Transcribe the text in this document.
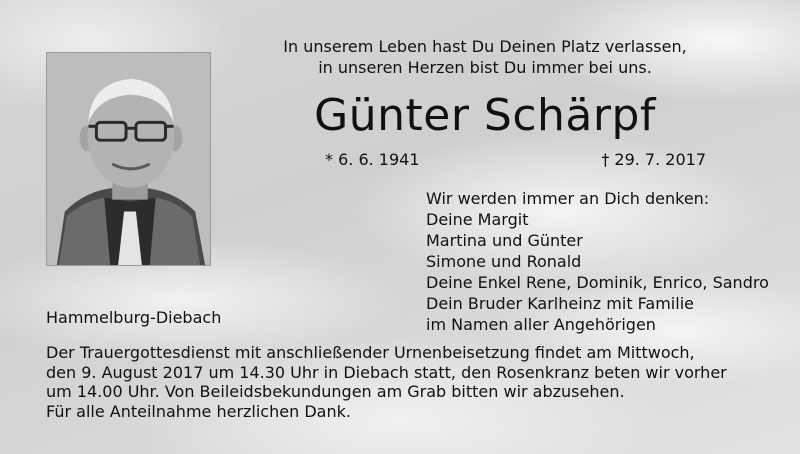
In unserem Leben hast Du Deinen Platz verlassen,
in unseren Herzen bist Du immer bei uns.
Günter Schärpf
* 6. 6. 1941	† 29. 7. 2017
Wir werden immer an Dich denken:
Deine Margit
Martina und Günter
Simone und Ronald
Deine Enkel Rene, Dominik, Enrico, Sandro
Dein Bruder Karlheinz mit Familie
im Namen aller Angehörigen
Hammelburg-Diebach
Der Trauergottesdienst mit anschließender Urnenbeisetzung findet am Mittwoch,
den 9. August 2017 um 14.30 Uhr in Diebach statt, den Rosenkranz beten wir vorher
um 14.00 Uhr. Von Beileidsbekundungen am Grab bitten wir abzusehen.
Für alle Anteilnahme herzlichen Dank.
